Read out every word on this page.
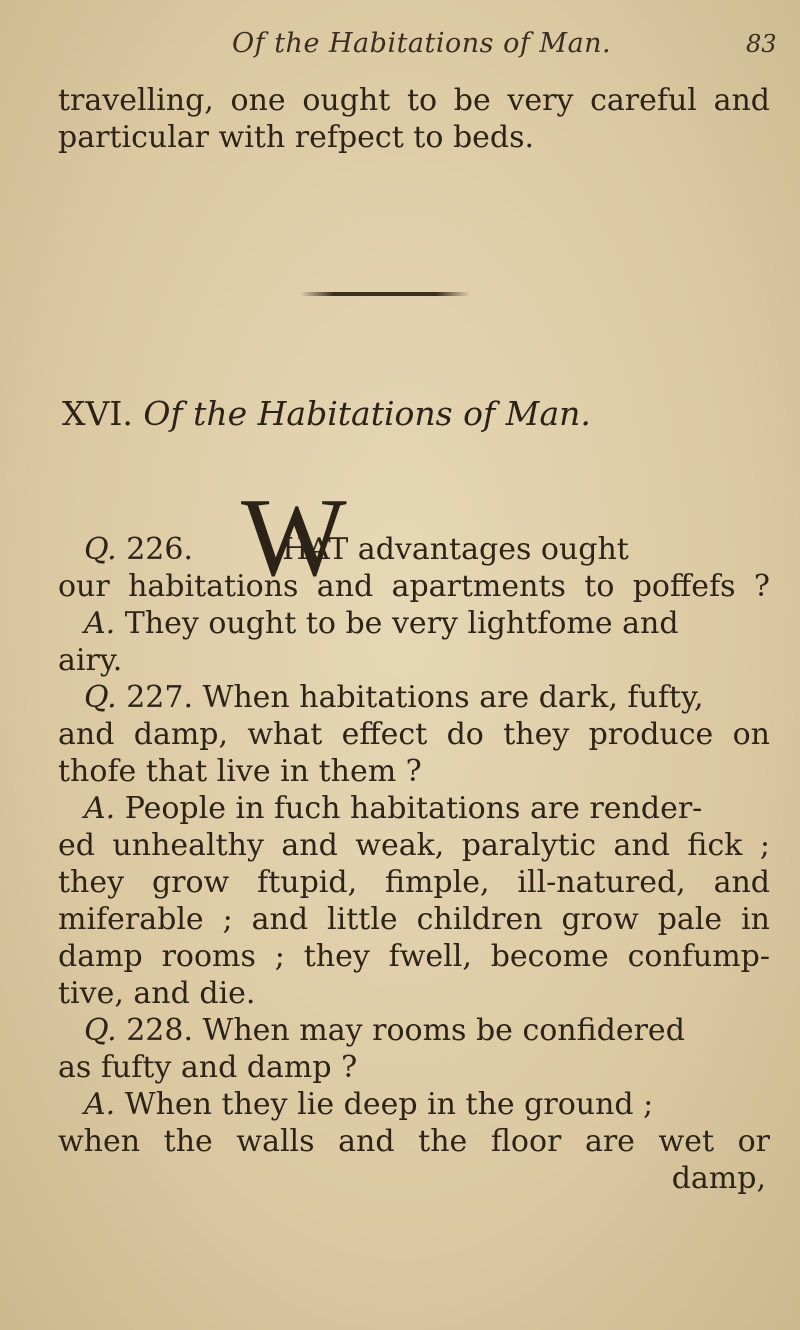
Of the Habitations of Man.	83
travelling, one ought to be very careful and
particular with refpect to beds.
XVI. Of the Habitations of Man.
W
Q. 226.	HAT advantages ought
our habitations and apartments to poffefs ?
A. They ought to be very lightfome and
airy.
Q. 227. When habitations are dark, fufty,
and damp, what effect do they produce on
thofe that live in them ?
A. People in fuch habitations are render-
ed unhealthy and weak, paralytic and fick ;
they grow ftupid, fimple, ill-natured, and
miferable ; and little children grow pale in
damp rooms ; they fwell, become confump-
tive, and die.
Q. 228. When may rooms be confidered
as fufty and damp ?
A. When they lie deep in the ground ;
when the walls and the floor are wet or
damp,
